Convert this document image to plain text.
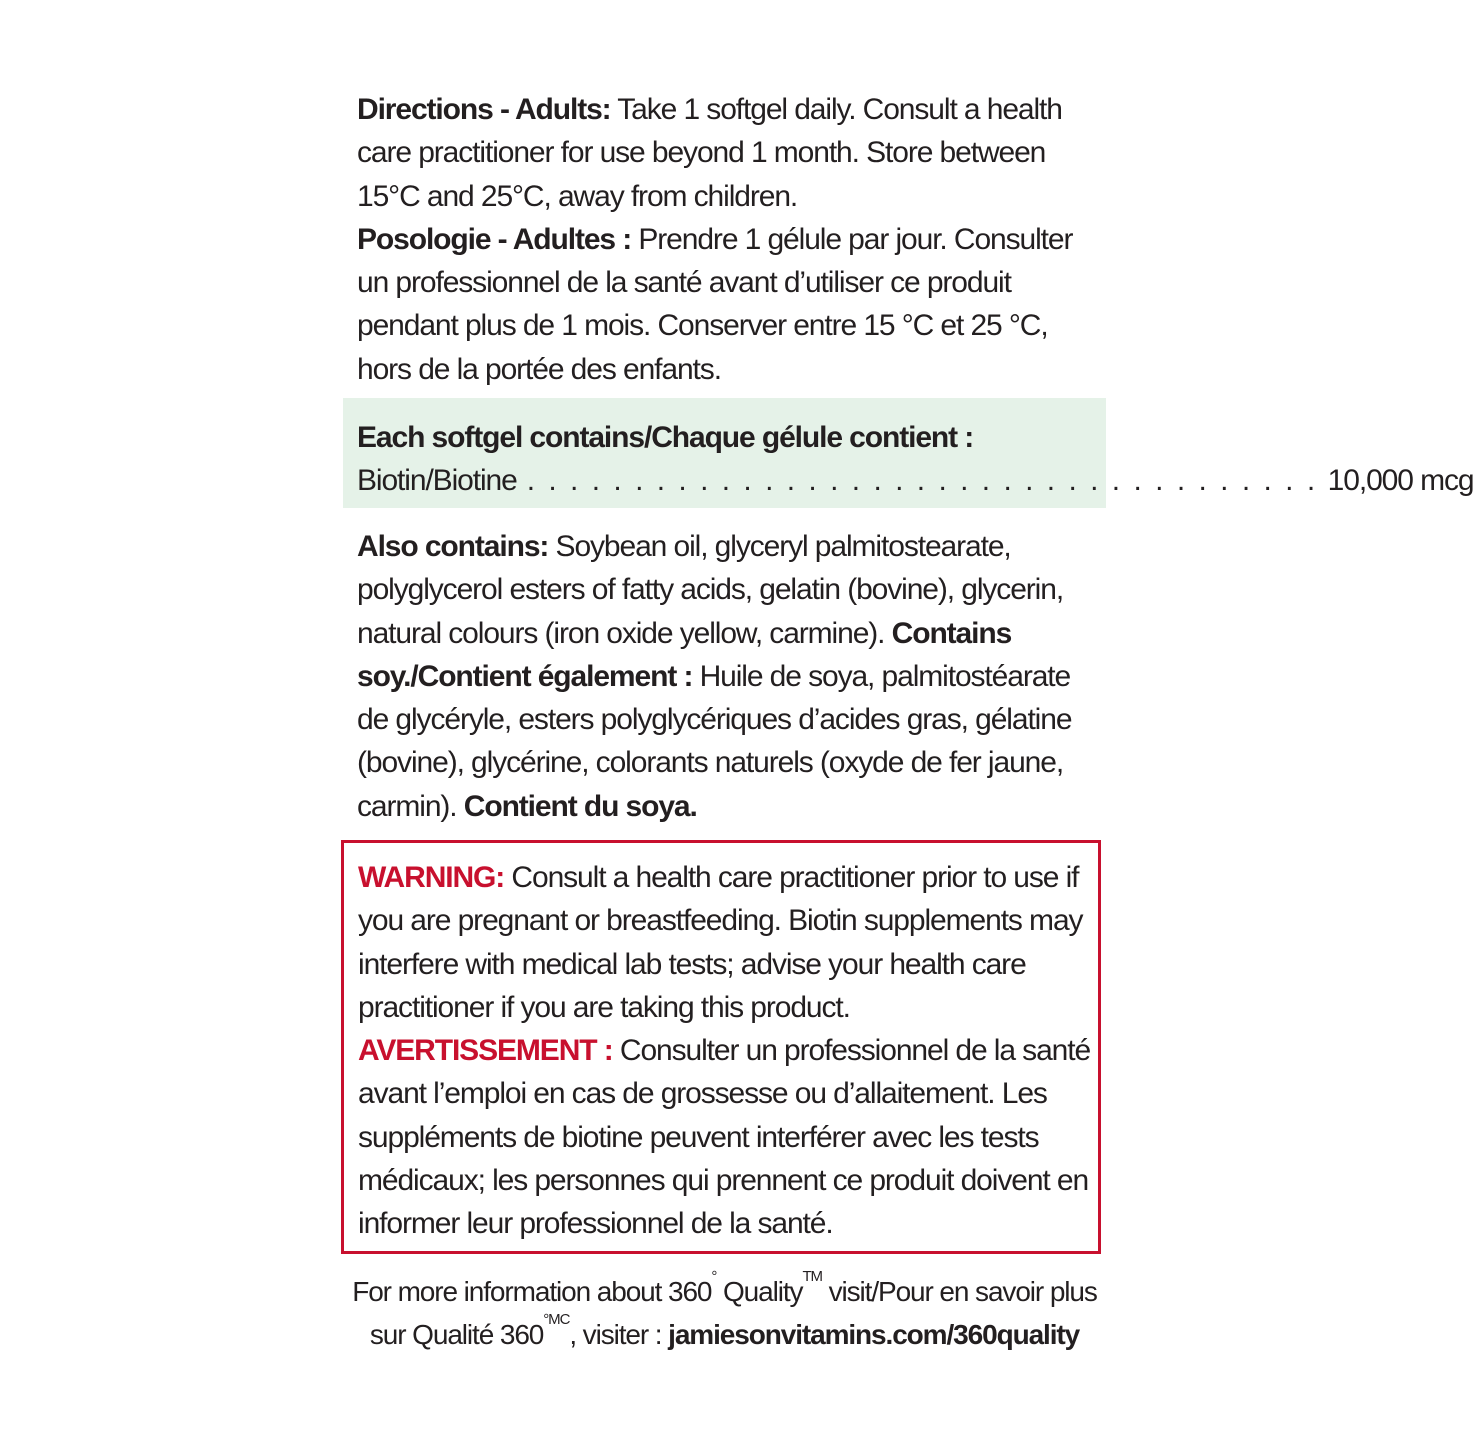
Directions - Adults: Take 1 softgel daily. Consult a health care practitioner for use beyond 1 month. Store between 15°C and 25°C, away from children.

Posologie - Adultes : Prendre 1 gélule par jour. Consulter un professionnel de la santé avant d’utiliser ce produit pendant plus de 1 mois. Conserver entre 15 °C et 25 °C, hors de la portée des enfants.

Each softgel contains/Chaque gélule contient :

Biotin/Biotine . . . . . . . . . . . . . . . . . . . . . . . . . . . . . . . . . . . . . 10,000 mcg

Also contains: Soybean oil, glyceryl palmitostearate, polyglycerol esters of fatty acids, gelatin (bovine), glycerin, natural colours (iron oxide yellow, carmine). Contains soy./Contient également : Huile de soya, palmitostéarate de glycéryle, esters polyglycériques d’acides gras, gélatine (bovine), glycérine, colorants naturels (oxyde de fer jaune, carmin). Contient du soya.

WARNING: Consult a health care practitioner prior to use if you are pregnant or breastfeeding. Biotin supplements may interfere with medical lab tests; advise your health care practitioner if you are taking this product.

AVERTISSEMENT : Consulter un professionnel de la santé avant l’emploi en cas de grossesse ou d’allaitement. Les suppléments de biotine peuvent interférer avec les tests médicaux; les personnes qui prennent ce produit doivent en informer leur professionnel de la santé.

For more information about 360° Quality™ visit/Pour en savoir plus sur Qualité $360^{^\circ MC}$, visiter : jamiesonvitamins.com/360quality
